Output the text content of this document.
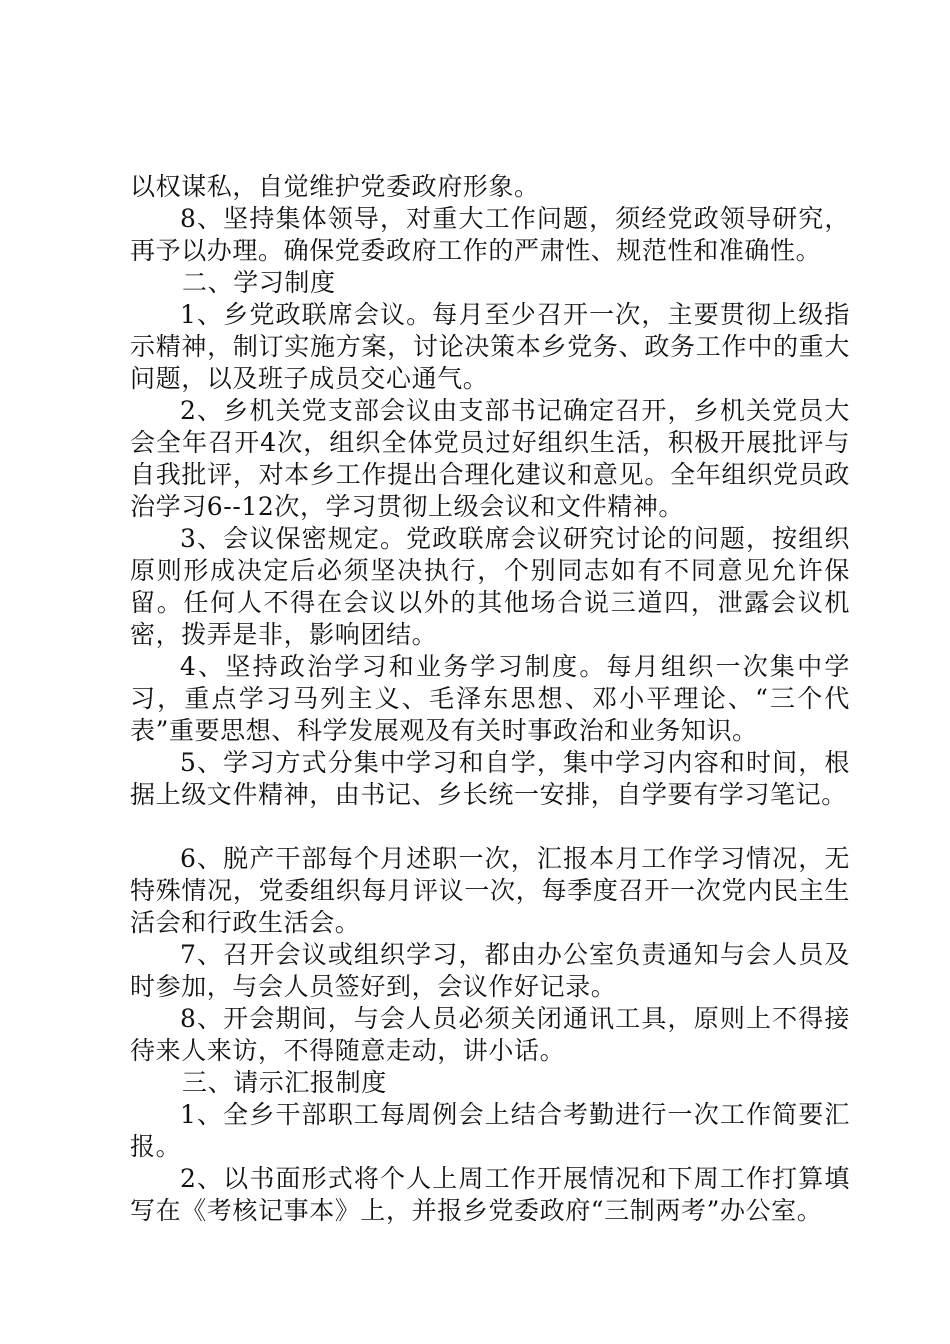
以权谋私，自觉维护党委政府形象。

8、坚持集体领导，对重大工作问题，须经党政领导研究，再予以办理。确保党委政府工作的严肃性、规范性和准确性。

二、学习制度

1、乡党政联席会议。每月至少召开一次，主要贯彻上级指示精神，制订实施方案，讨论决策本乡党务、政务工作中的重大问题，以及班子成员交心通气。

2、乡机关党支部会议由支部书记确定召开，乡机关党员大会全年召开4次，组织全体党员过好组织生活，积极开展批评与自我批评，对本乡工作提出合理化建议和意见。全年组织党员政治学习6--12次，学习贯彻上级会议和文件精神。

3、会议保密规定。党政联席会议研究讨论的问题，按组织原则形成决定后必须坚决执行，个别同志如有不同意见允许保留。任何人不得在会议以外的其他场合说三道四，泄露会议机密，拨弄是非，影响团结。

4、坚持政治学习和业务学习制度。每月组织一次集中学习，重点学习马列主义、毛泽东思想、邓小平理论、“三个代表”重要思想、科学发展观及有关时事政治和业务知识。

5、学习方式分集中学习和自学，集中学习内容和时间，根据上级文件精神，由书记、乡长统一安排，自学要有学习笔记。

6、脱产干部每个月述职一次，汇报本月工作学习情况，无特殊情况，党委组织每月评议一次，每季度召开一次党内民主生活会和行政生活会。

7、召开会议或组织学习，都由办公室负责通知与会人员及时参加，与会人员签好到，会议作好记录。

8、开会期间，与会人员必须关闭通讯工具，原则上不得接待来人来访，不得随意走动，讲小话。

三、请示汇报制度

1、全乡干部职工每周例会上结合考勤进行一次工作简要汇报。

2、以书面形式将个人上周工作开展情况和下周工作打算填写在《考核记事本》上，并报乡党委政府“三制两考”办公室。
